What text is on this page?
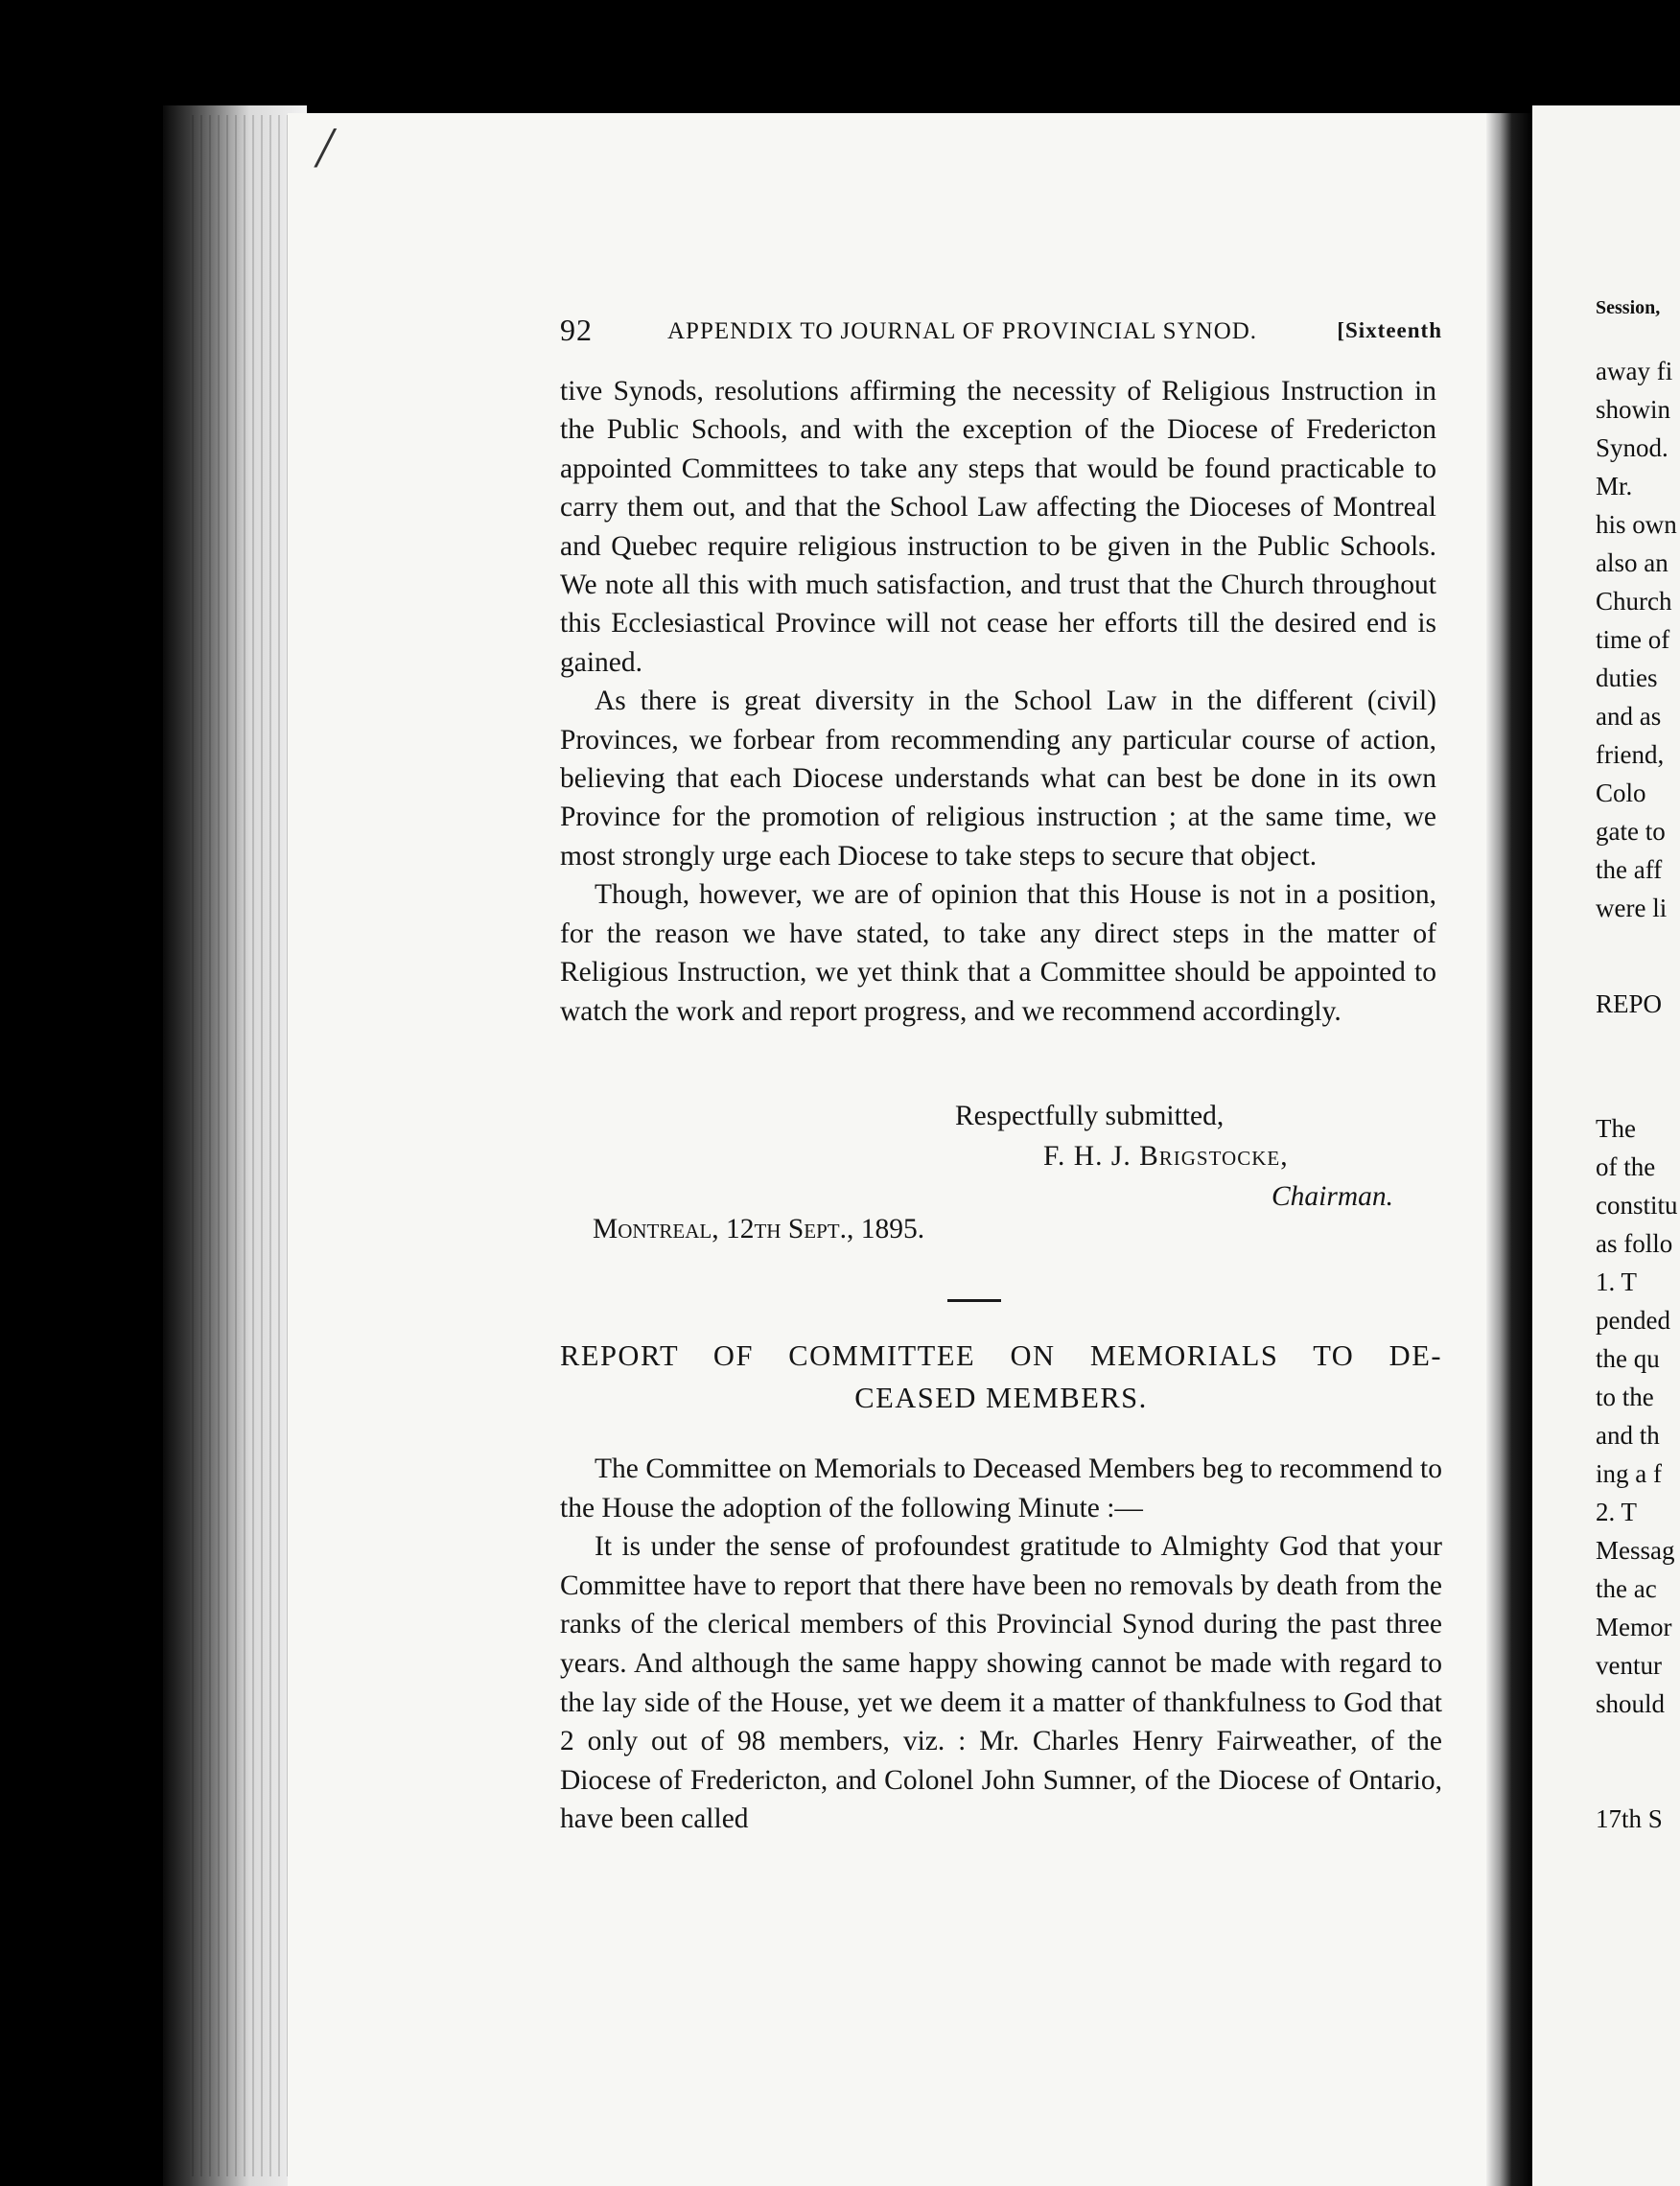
/
Session,
away fi
showin
Synod.
Mr.
his own
also an
Church
time of
duties
and as
friend,
Colo
gate to
the aff
were li
REPO
The
of the
constitu
as follo
1. T
pended
the qu
to the
and th
ing a f
2. T
Messag
the ac
Memor
ventur
should
17th S
92	APPENDIX TO JOURNAL OF PROVINCIAL SYNOD.	[Sixteenth

tive Synods, resolutions affirming the necessity of Religious Instruction in the Public Schools, and with the exception of the Diocese of Fredericton appointed Committees to take any steps that would be found practicable to carry them out, and that the School Law affecting the Dioceses of Montreal and Quebec require religious instruction to be given in the Public Schools. We note all this with much satisfaction, and trust that the Church throughout this Ecclesiastical Province will not cease her efforts till the desired end is gained.

As there is great diversity in the School Law in the different (civil) Provinces, we forbear from recommending any particular course of action, believing that each Diocese understands what can best be done in its own Province for the promotion of religious instruction ; at the same time, we most strongly urge each Diocese to take steps to secure that object.

Though, however, we are of opinion that this House is not in a position, for the reason we have stated, to take any direct steps in the matter of Religious Instruction, we yet think that a Committee should be appointed to watch the work and report progress, and we recommend accordingly.

Respectfully submitted,
F. H. J. Brigstocke,
Chairman.
Montreal, 12th Sept., 1895.
REPORT OF COMMITTEE ON MEMORIALS TO DE-
CEASED MEMBERS.

The Committee on Memorials to Deceased Members beg to recommend to the House the adoption of the following Minute :—

It is under the sense of profoundest gratitude to Almighty God that your Committee have to report that there have been no removals by death from the ranks of the clerical members of this Provincial Synod during the past three years. And although the same happy showing cannot be made with regard to the lay side of the House, yet we deem it a matter of thankfulness to God that 2 only out of 98 members, viz. : Mr. Charles Henry Fairweather, of the Diocese of Fredericton, and Colonel John Sumner, of the Diocese of Ontario, have been called
